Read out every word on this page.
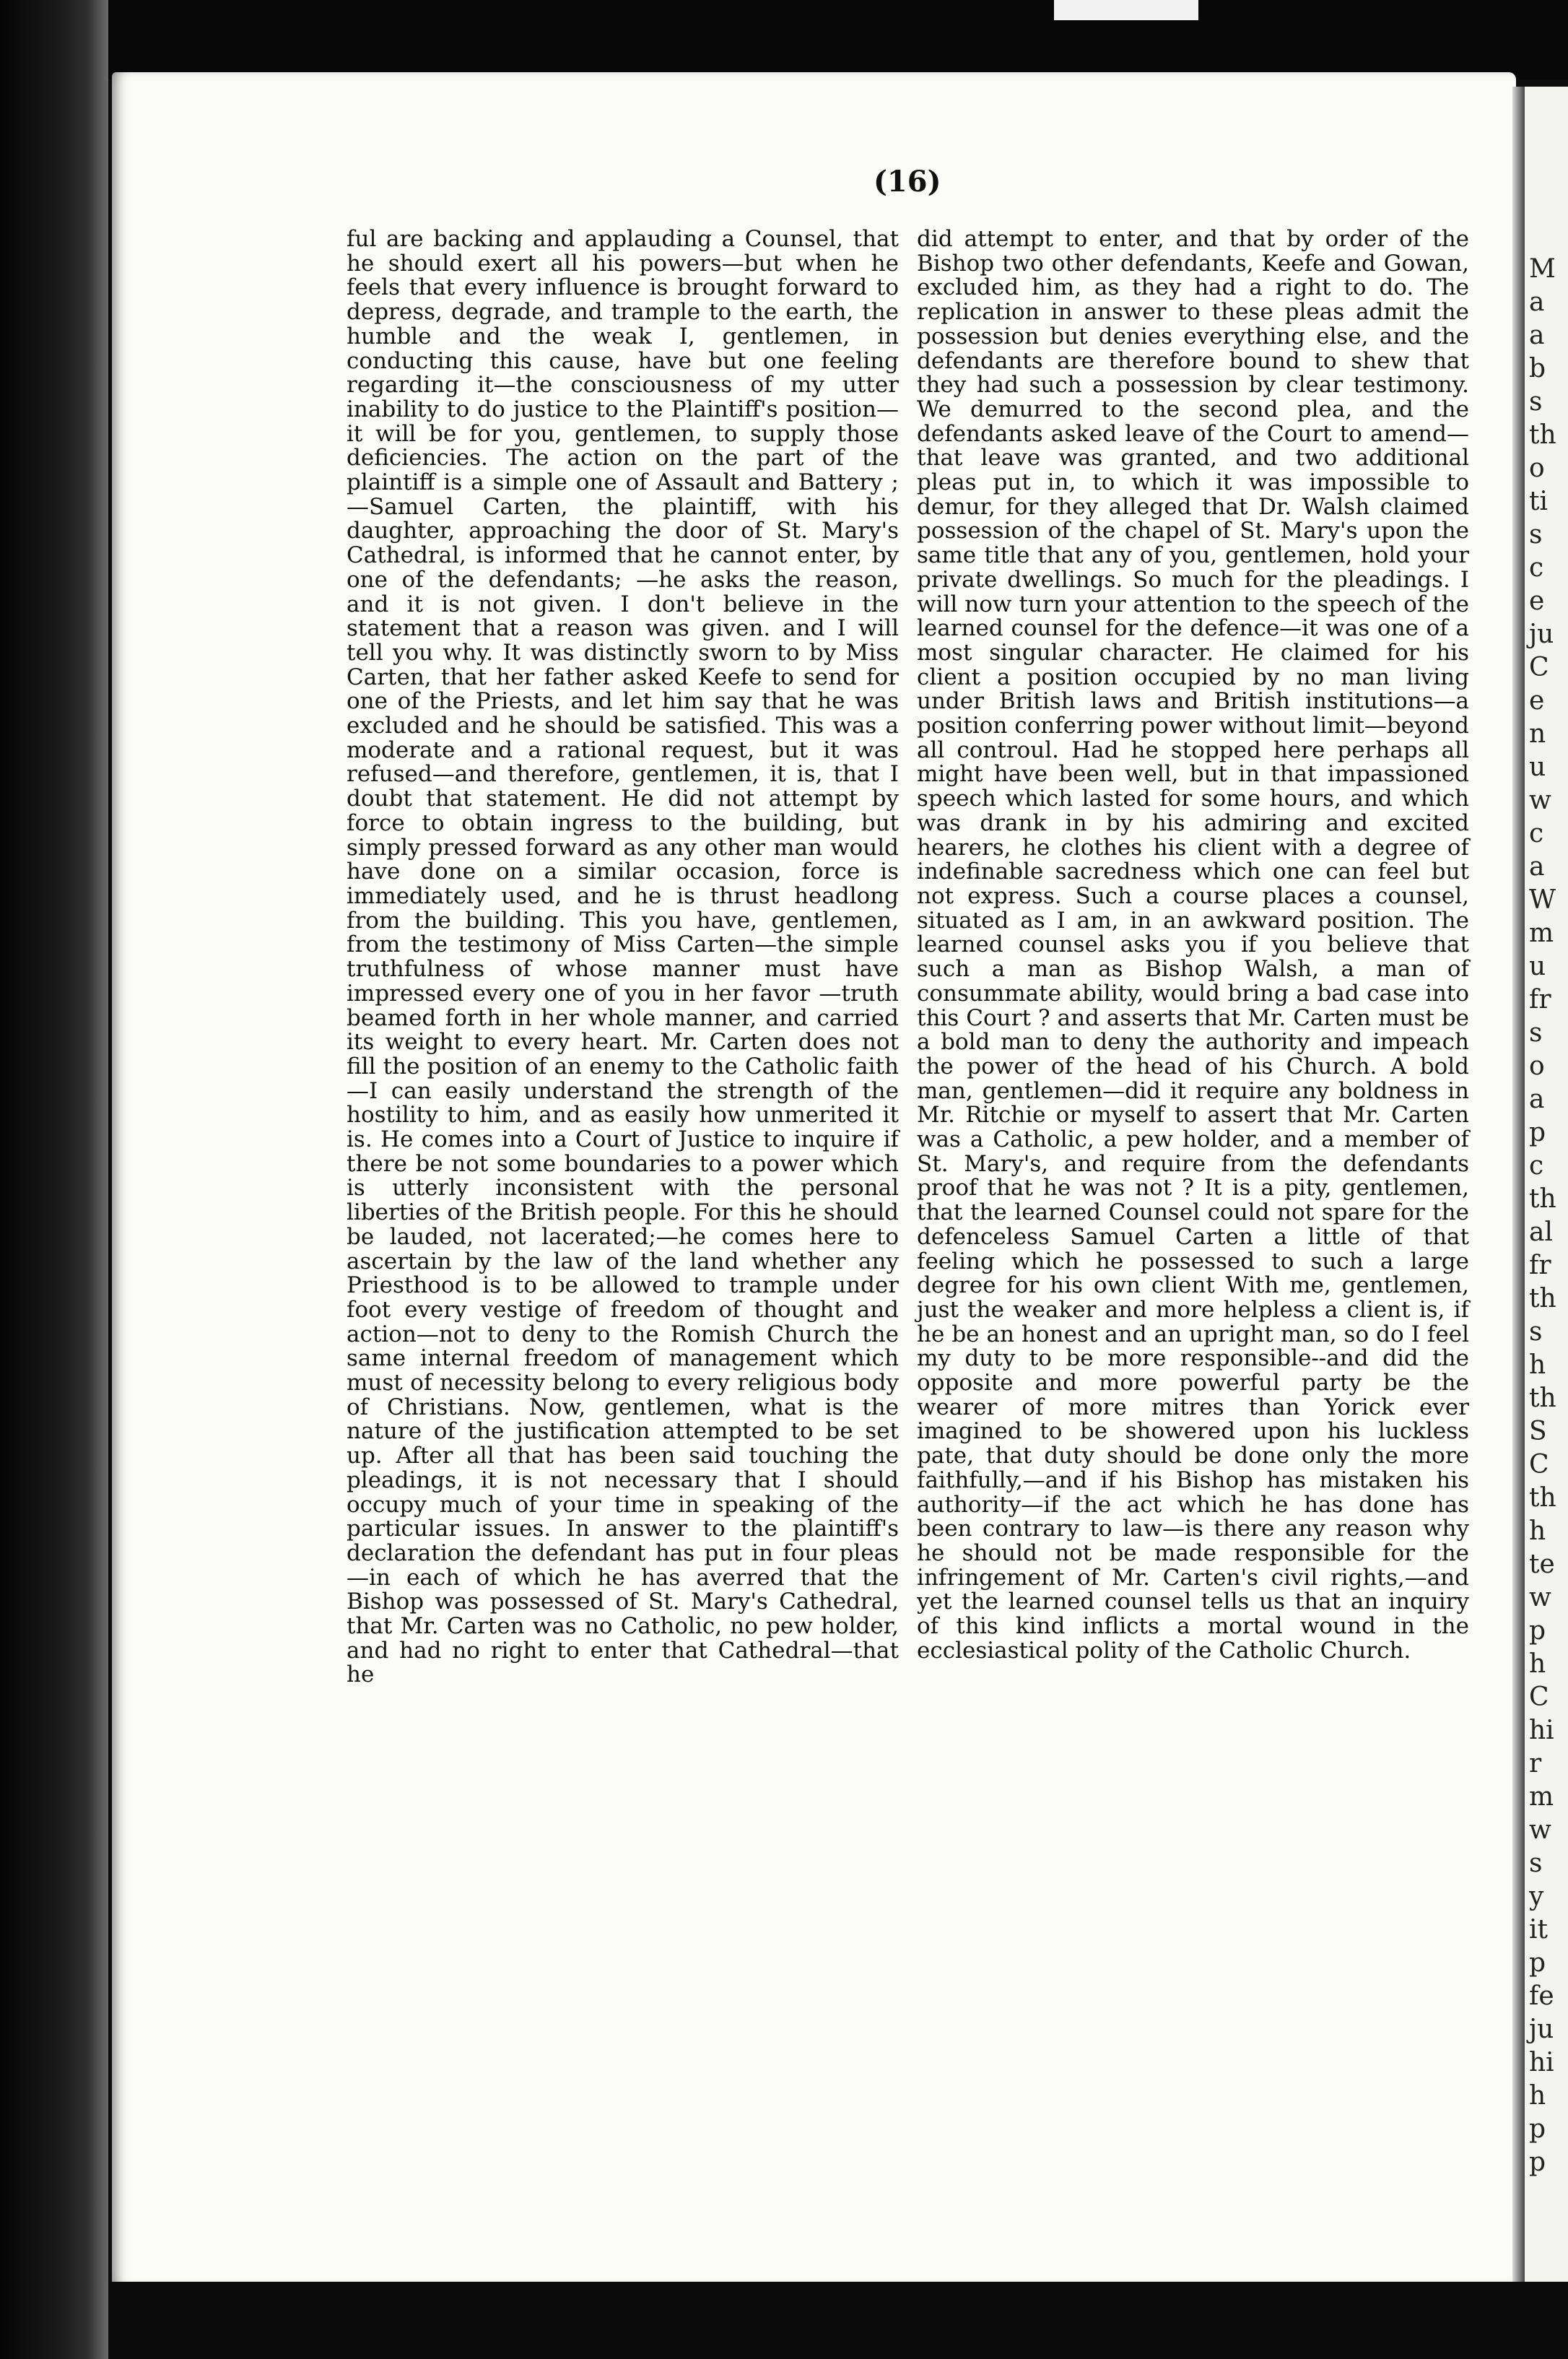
M
a
a
b
s
th
o
ti
s
c
e
ju
C
e
n
u
w
c
a
W
m
u
fr
s
o
a
p
c
th
al
fr
th
s
h
th
S
C
th
h
te
w
p
h
C
hi
r
m
w
s
y
it
p
fe
ju
hi
h
p
p
(16)

ful are backing and applauding a Counsel, that he should exert all his powers—but when he feels that every influence is brought forward to depress, degrade, and trample to the earth, the humble and the weak I, gentlemen, in conducting this cause, have but one feeling regarding it—the consciousness of my utter inability to do justice to the Plaintiff's position—it will be for you, gentlemen, to supply those deficiencies. The action on the part of the plaintiff is a simple one of Assault and Battery ;—Samuel Carten, the plaintiff, with his daughter, approaching the door of St. Mary's Cathedral, is informed that he cannot enter, by one of the defendants; —he asks the reason, and it is not given. I don't believe in the statement that a reason was given. and I will tell you why. It was distinctly sworn to by Miss Carten, that her father asked Keefe to send for one of the Priests, and let him say that he was excluded and he should be satisfied. This was a moderate and a rational request, but it was refused—and therefore, gentlemen, it is, that I doubt that statement. He did not attempt by force to obtain ingress to the building, but simply pressed forward as any other man would have done on a similar occasion, force is immediately used, and he is thrust headlong from the building. This you have, gentlemen, from the testimony of Miss Carten—the simple truthfulness of whose manner must have impressed every one of you in her favor —truth beamed forth in her whole manner, and carried its weight to every heart. Mr. Carten does not fill the position of an enemy to the Catholic faith—I can easily understand the strength of the hostility to him, and as easily how unmerited it is. He comes into a Court of Justice to inquire if there be not some boundaries to a power which is utterly inconsistent with the personal liberties of the British people. For this he should be lauded, not lacerated;—he comes here to ascertain by the law of the land whether any Priesthood is to be allowed to trample under foot every vestige of freedom of thought and action—not to deny to the Romish Church the same internal freedom of management which must of necessity belong to every religious body of Christians. Now, gentlemen, what is the nature of the justification attempted to be set up. After all that has been said touching the pleadings, it is not necessary that I should occupy much of your time in speaking of the particular issues. In answer to the plaintiff's declaration the defendant has put in four pleas—in each of which he has averred that the Bishop was possessed of St. Mary's Cathedral, that Mr. Carten was no Catholic, no pew holder, and had no right to enter that Cathedral—that he

did attempt to enter, and that by order of the Bishop two other defendants, Keefe and Gowan, excluded him, as they had a right to do. The replication in answer to these pleas admit the possession but denies everything else, and the defendants are therefore bound to shew that they had such a possession by clear testimony. We demurred to the second plea, and the defendants asked leave of the Court to amend—that leave was granted, and two additional pleas put in, to which it was impossible to demur, for they alleged that Dr. Walsh claimed possession of the chapel of St. Mary's upon the same title that any of you, gentlemen, hold your private dwellings. So much for the pleadings. I will now turn your attention to the speech of the learned counsel for the defence—it was one of a most singular character. He claimed for his client a position occupied by no man living under British laws and British institutions—a position conferring power without limit—beyond all controul. Had he stopped here perhaps all might have been well, but in that impassioned speech which lasted for some hours, and which was drank in by his admiring and excited hearers, he clothes his client with a degree of indefinable sacredness which one can feel but not express. Such a course places a counsel, situated as I am, in an awkward position. The learned counsel asks you if you believe that such a man as Bishop Walsh, a man of consummate ability, would bring a bad case into this Court ? and asserts that Mr. Carten must be a bold man to deny the authority and impeach the power of the head of his Church. A bold man, gentlemen—did it require any boldness in Mr. Ritchie or myself to assert that Mr. Carten was a Catholic, a pew holder, and a member of St. Mary's, and require from the defendants proof that he was not ? It is a pity, gentlemen, that the learned Counsel could not spare for the defenceless Samuel Carten a little of that feeling which he possessed to such a large degree for his own client With me, gentlemen, just the weaker and more helpless a client is, if he be an honest and an upright man, so do I feel my duty to be more responsible--and did the opposite and more powerful party be the wearer of more mitres than Yorick ever imagined to be showered upon his luckless pate, that duty should be done only the more faithfully,—and if his Bishop has mistaken his authority—if the act which he has done has been contrary to law—is there any reason why he should not be made responsible for the infringement of Mr. Carten's civil rights,—and yet the learned counsel tells us that an inquiry of this kind inflicts a mortal wound in the ecclesiastical polity of the Catholic Church.
